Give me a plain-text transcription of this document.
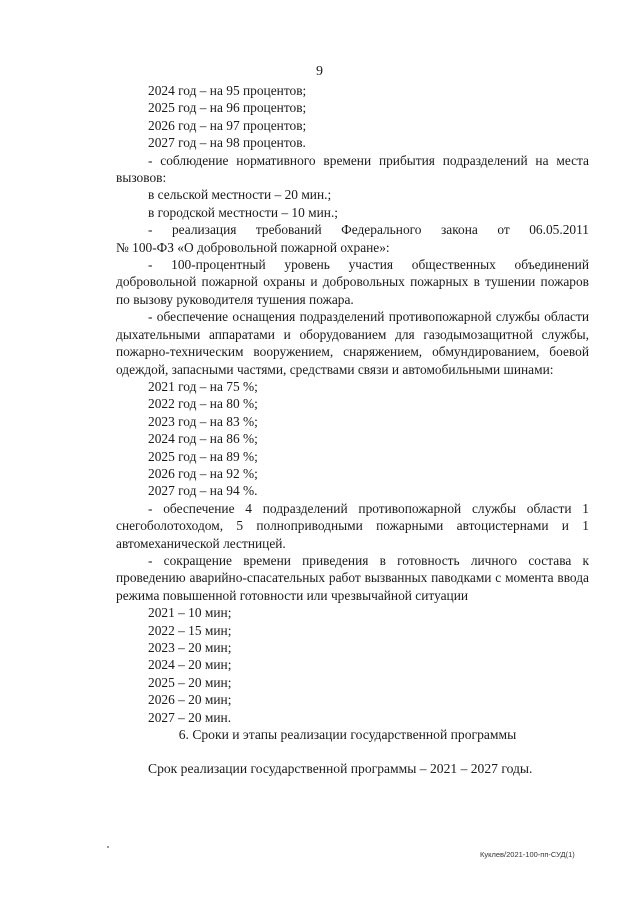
9

2024 год – на 95 процентов;

2025 год – на 96 процентов;

2026 год – на 97 процентов;

2027 год – на 98 процентов.

- соблюдение нормативного времени прибытия подразделений на места вызовов:

в сельской местности – 20 мин.;

в городской местности – 10 мин.;

- реализация требований Федерального закона от 06.05.2011

№ 100-ФЗ «О добровольной пожарной охране»:

- 100-процентный уровень участия общественных объединений добровольной пожарной охраны и добровольных пожарных в тушении пожаров по вызову руководителя тушения пожара.

- обеспечение оснащения подразделений противопожарной службы области дыхательными аппаратами и оборудованием для газодымозащитной службы, пожарно-техническим вооружением, снаряжением, обмундированием, боевой одеждой, запасными частями, средствами связи и автомобильными шинами:

2021 год – на 75 %;

2022 год – на 80 %;

2023 год – на 83 %;

2024 год – на 86 %;

2025 год – на 89 %;

2026 год – на 92 %;

2027 год – на 94 %.

- обеспечение 4 подразделений противопожарной службы области 1 снегоболотоходом, 5 полноприводными пожарными автоцистернами и 1 автомеханической лестницей.

- сокращение времени приведения в готовность личного состава к проведению аварийно-спасательных работ вызванных паводками с момента ввода режима повышенной готовности или чрезвычайной ситуации

2021 – 10 мин;

2022 – 15 мин;

2023 – 20 мин;

2024 – 20 мин;

2025 – 20 мин;

2026 – 20 мин;

2027 – 20 мин.

6. Сроки и этапы реализации государственной программы
Срок реализации государственной программы – 2021 – 2027 годы.
Куклев/2021-100-пп-СУД(1)
